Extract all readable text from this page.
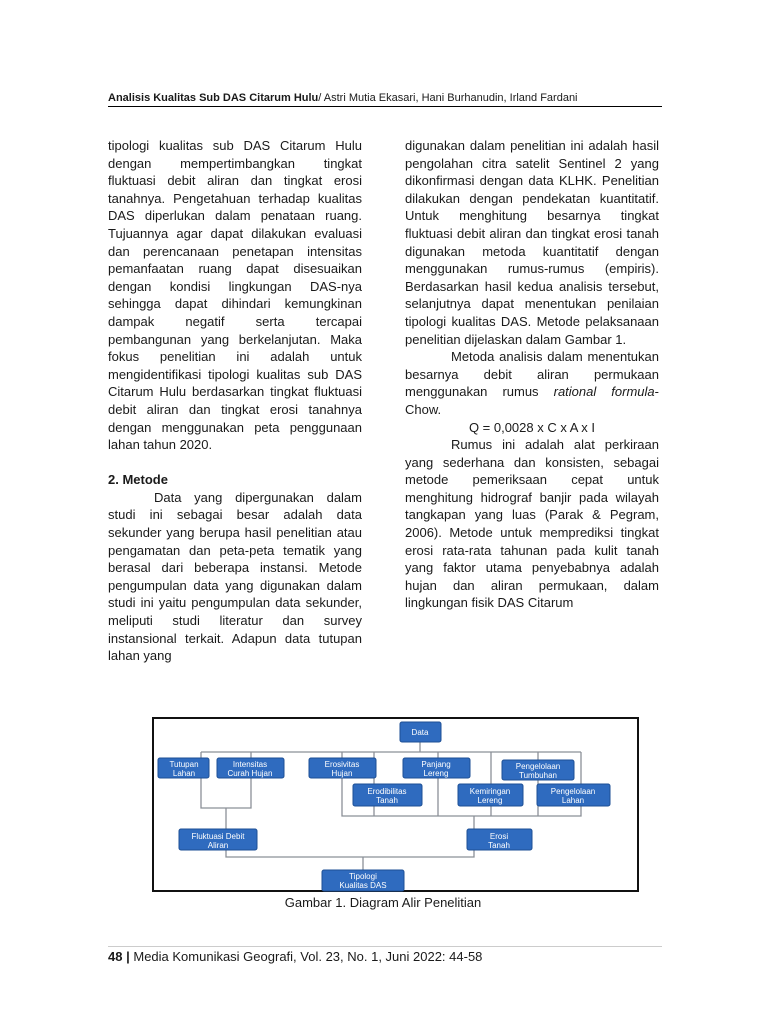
Analisis Kualitas Sub DAS Citarum Hulu/ Astri Mutia Ekasari, Hani Burhanudin, Irland Fardani

tipologi kualitas sub DAS Citarum Hulu dengan mempertimbangkan tingkat fluktuasi debit aliran dan tingkat erosi tanahnya. Pengetahuan terhadap kualitas DAS diperlukan dalam penataan ruang. Tujuannya agar dapat dilakukan evaluasi dan perencanaan penetapan intensitas pemanfaatan ruang dapat disesuaikan dengan kondisi lingkungan DAS-nya sehingga dapat dihindari kemungkinan dampak negatif serta tercapai pembangunan yang berkelanjutan. Maka fokus penelitian ini adalah untuk mengidentifikasi tipologi kualitas sub DAS Citarum Hulu berdasarkan tingkat fluktuasi debit aliran dan tingkat erosi tanahnya dengan menggunakan peta penggunaan lahan tahun 2020.

2. Metode

Data yang dipergunakan dalam studi ini sebagai besar adalah data sekunder yang berupa hasil penelitian atau pengamatan dan peta-peta tematik yang berasal dari beberapa instansi. Metode pengumpulan data yang digunakan dalam studi ini yaitu pengumpulan data sekunder, meliputi studi literatur dan survey instansional terkait. Adapun data tutupan lahan yang

digunakan dalam penelitian ini adalah hasil pengolahan citra satelit Sentinel 2 yang dikonfirmasi dengan data KLHK. Penelitian dilakukan dengan pendekatan kuantitatif. Untuk menghitung besarnya tingkat fluktuasi debit aliran dan tingkat erosi tanah digunakan metoda kuantitatif dengan menggunakan rumus-rumus (empiris). Berdasarkan hasil kedua analisis tersebut, selanjutnya dapat menentukan penilaian tipologi kualitas DAS. Metode pelaksanaan penelitian dijelaskan dalam Gambar 1.

Metoda analisis dalam menentukan besarnya debit aliran permukaan menggunakan rumus rational formula-Chow.

Q = 0,0028 x C x A x I

Rumus ini adalah alat perkiraan yang sederhana dan konsisten, sebagai metode pemeriksaan cepat untuk menghitung hidrograf banjir pada wilayah tangkapan yang luas (Parak & Pegram, 2006). Metode untuk memprediksi tingkat erosi rata-rata tahunan pada kulit tanah yang faktor utama penyebabnya adalah hujan dan aliran permukaan, dalam lingkungan fisik DAS Citarum

Data
Tutupan
Lahan
Intensitas
Curah Hujan
Erosivitas
Hujan
Panjang
Lereng
Pengelolaan
Tumbuhan
Erodibilitas
Tanah
Kemiringan
Lereng
Pengelolaan
Lahan
Fluktuasi Debit
Aliran
Erosi
Tanah
Tipologi
Kualitas DAS
Gambar 1. Diagram Alir Penelitian
48 | Media Komunikasi Geografi, Vol. 23, No. 1, Juni 2022: 44-58
